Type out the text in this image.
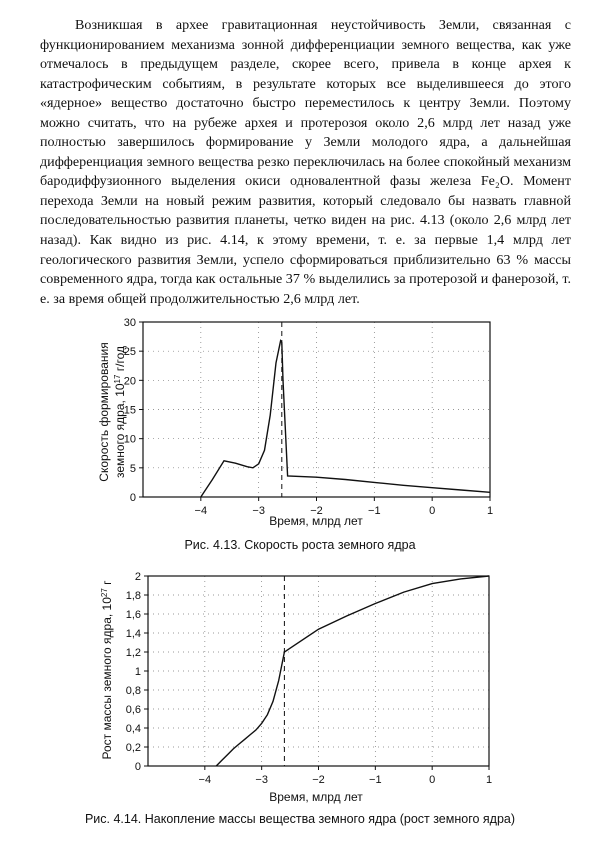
Возникшая в архее гравитационная неустойчивость Земли, связанная с функционированием механизма зонной дифференциации земного вещества, как уже отмечалось в предыдущем разделе, скорее всего, привела в конце архея к катастрофическим событиям, в результате которых все выделившееся до этого «ядерное» вещество достаточно быстро переместилось к центру Земли. Поэтому можно считать, что на рубеже архея и протерозоя около 2,6 млрд лет назад уже полностью завершилось формирование у Земли молодого ядра, а дальнейшая дифференциация земного вещества резко переключилась на более спокойный механизм бародиффузионного выделения окиси одновалентной фазы железа Fe₂O. Момент перехода Земли на новый режим развития, который следовало бы назвать главной последовательностью развития планеты, четко виден на рис. 4.13 (около 2,6 млрд лет назад). Как видно из рис. 4.14, к этому времени, т. е. за первые 1,4 млрд лет геологического развития Земли, успело сформироваться приблизительно 63 % массы современного ядра, тогда как остальные 37 % выделились за протерозой и фанерозой, т. е. за время общей продолжительностью 2,6 млрд лет.

0
5
10
15
20
25
30
−4	−3	−2	−1	0	1
Время, млрд лет
Скорость формирования земного ядра, $10^{17}$ г/год
Рис. 4.13. Скорость роста земного ядра
0
0,2
0,4
0,6
0,8
1
1,2
1,4
1,6
1,8
2
−4	−3	−2	−1	0	1
Время, млрд лет
Рост массы земного ядра, $10^{27}$ г
Рис. 4.14. Накопление массы вещества земного ядра (рост земного ядра)
